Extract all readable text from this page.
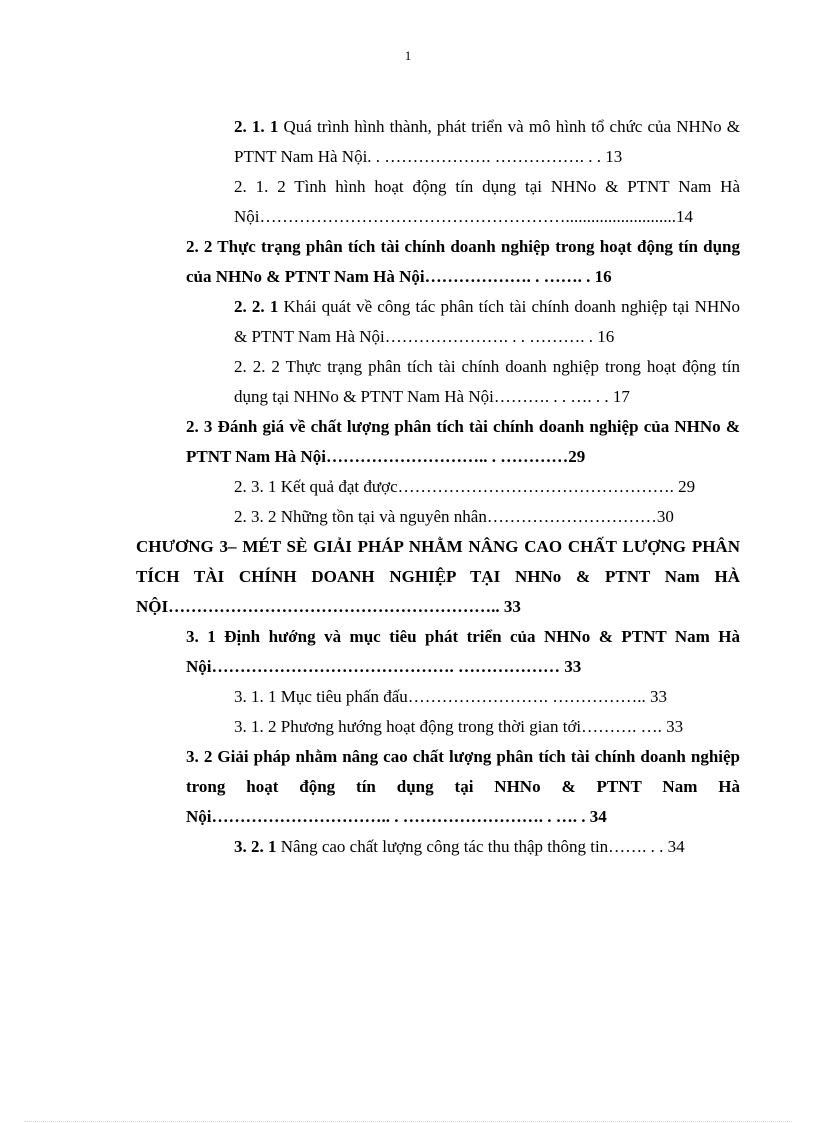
1

2. 1. 1 Quá trình hình thành, phát triển và mô hình tổ chức của NHNo & PTNT Nam Hà Nội. . ………………. ……………. . . 13

2. 1. 2 Tình hình hoạt động tín dụng tại NHNo & PTNT Nam Hà Nội………………………………………………..........................14

2. 2 Thực trạng phân tích tài chính doanh nghiệp trong hoạt động tín dụng của NHNo & PTNT Nam Hà Nội………………. . ……. . 16

2. 2. 1 Khái quát về công tác phân tích tài chính doanh nghiệp tại NHNo & PTNT Nam Hà Nội…………………. . . ………. . 16

2. 2. 2 Thực trạng phân tích tài chính doanh nghiệp trong hoạt động tín dụng tại NHNo & PTNT Nam Hà Nội………. . . …. . . 17

2. 3 Đánh giá về chất lượng phân tích tài chính doanh nghiệp của NHNo & PTNT Nam Hà Nội……………………….. . …………29

2. 3. 1 Kết quả đạt được…………………………………………. 29

2. 3. 2 Những tồn tại và nguyên nhân…………………………30

CHƯƠNG 3– MÉT SÈ GIẢI PHÁP NHẰM NÂNG CAO CHẤT LƯỢNG PHÂN TÍCH TÀI CHÍNH DOANH NGHIỆP TẠI NHNo & PTNT Nam HÀ NỘI………………………………………………….. 33

3. 1 Định hướng và mục tiêu phát triển của NHNo & PTNT Nam Hà Nội……………………………………. ……………… 33

3. 1. 1 Mục tiêu phấn đấu……………………. …………….. 33

3. 1. 2 Phương hướng hoạt động trong thời gian tới………. …. 33

3. 2 Giải pháp nhằm nâng cao chất lượng phân tích tài chính doanh nghiệp trong hoạt động tín dụng tại NHNo & PTNT Nam Hà Nội………………………….. . ……………………. . …. . 34

3. 2. 1 Nâng cao chất lượng công tác thu thập thông tin……. . . 34
